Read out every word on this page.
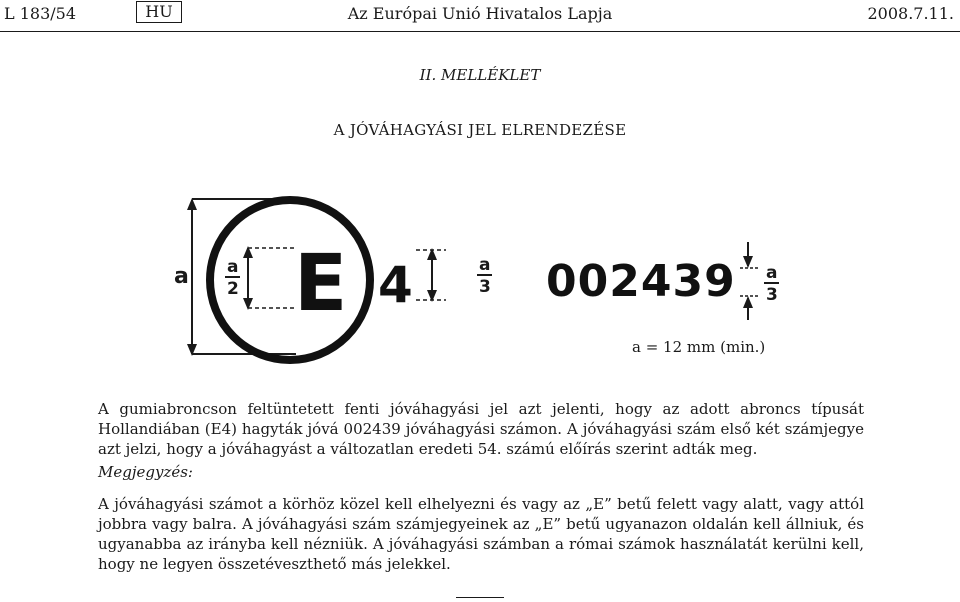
L 183/54	Az Európai Unió Hivatalos Lapja
HU	2008.7.11.
II. MELLÉKLET
A JÓVÁHAGYÁSI JEL ELRENDEZÉSE
a a
2 E 4	a
3 002439 a
3
a = 12 mm (min.)
A gumiabroncson feltüntetett fenti jóváhagyási jel azt jelenti, hogy az adott abroncs típusát Hollandiában (E4) hagyták jóvá 002439 jóváhagyási számon. A jóváhagyási szám első két számjegye azt jelzi, hogy a jóváhagyást a változatlan eredeti 54. számú előírás szerint adták meg.
Megjegyzés:
A jóváhagyási számot a körhöz közel kell elhelyezni és vagy az „E” betű felett vagy alatt, vagy attól jobbra vagy balra. A jóváhagyási szám számjegyeinek az „E” betű ugyanazon oldalán kell állniuk, és ugyanabba az irányba kell nézniük. A jóváhagyási számban a római számok használatát kerülni kell, hogy ne legyen összetéveszthető más jelekkel.
